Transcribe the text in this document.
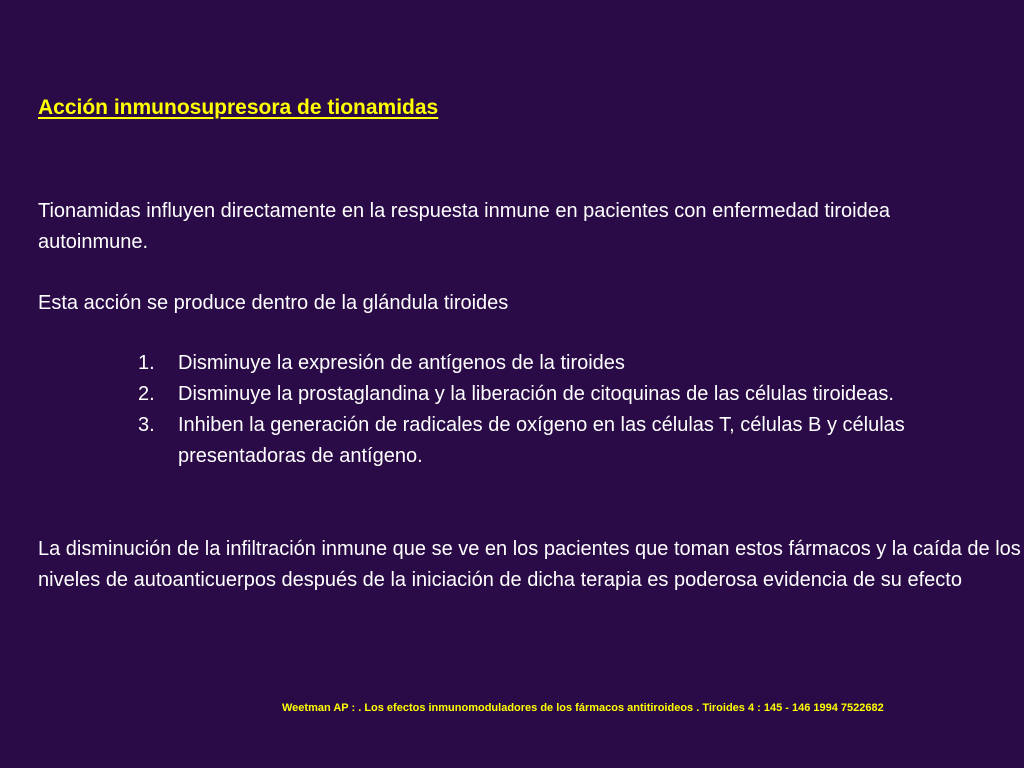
Acción inmunosupresora de tionamidas

Tionamidas influyen directamente en la respuesta inmune en pacientes con enfermedad tiroidea autoinmune.

Esta acción se produce dentro de la glándula tiroides

1. Disminuye la expresión de antígenos de la tiroides
2. Disminuye la prostaglandina y la liberación de citoquinas de las células tiroideas.
3. Inhiben la generación de radicales de oxígeno en las células T, células B y células presentadoras de antígeno.

La disminución de la infiltración inmune que se ve en los pacientes que toman estos fármacos y la caída de los niveles de autoanticuerpos después de la iniciación de dicha terapia es poderosa evidencia de su efecto

Weetman AP : . Los efectos inmunomoduladores de los fármacos antitiroideos . Tiroides 4 : 145 - 146 1994 7522682
